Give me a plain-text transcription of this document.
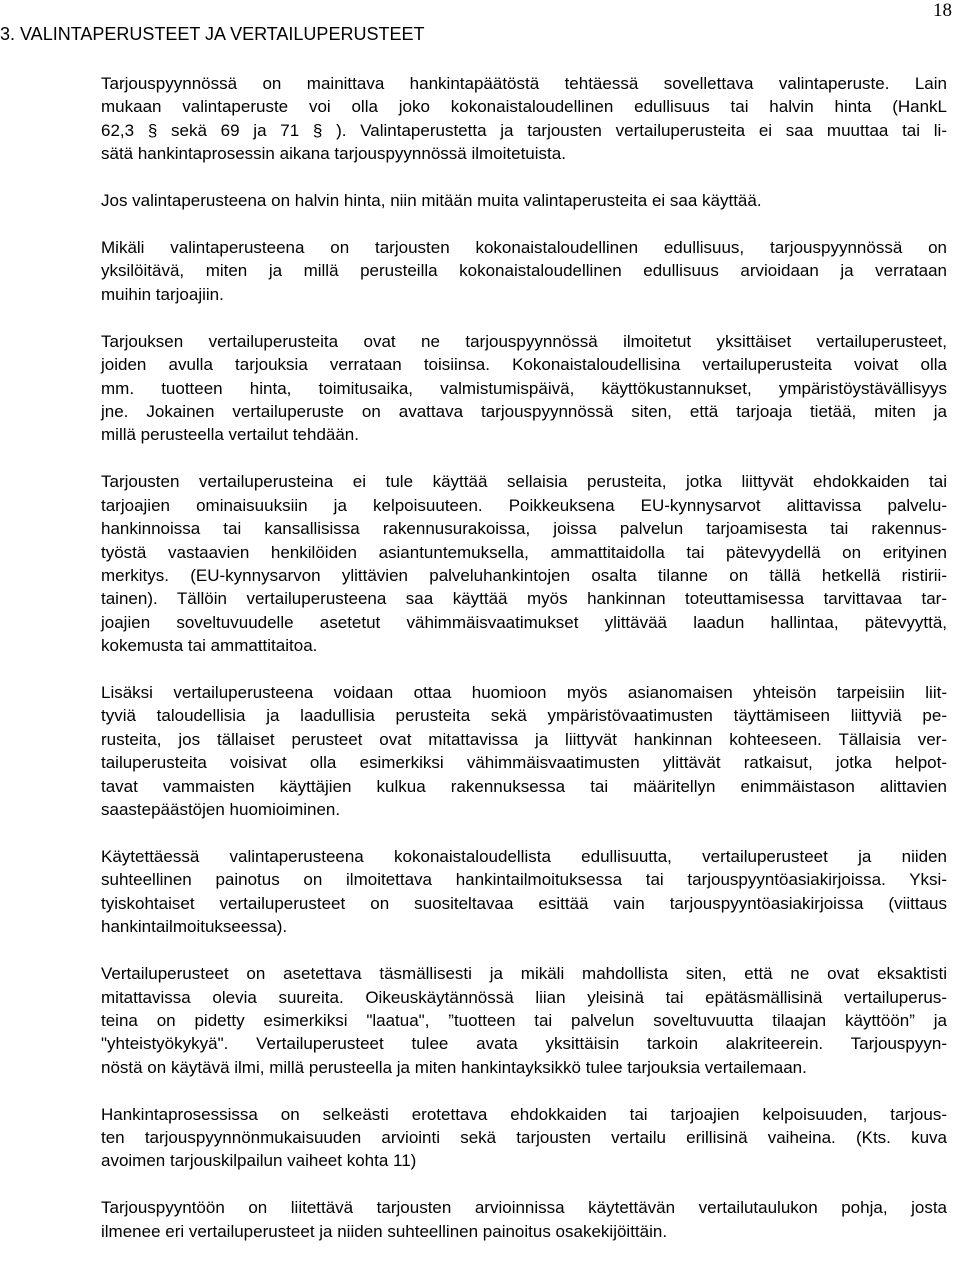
18
3. VALINTAPERUSTEET JA VERTAILUPERUSTEET

Tarjouspyynnössä on mainittava hankintapäätöstä tehtäessä sovellettava valintaperuste. Lain
mukaan valintaperuste voi olla joko kokonaistaloudellinen edullisuus tai halvin hinta (HankL
62,3 § sekä 69 ja 71 § ). Valintaperustetta ja tarjousten vertailuperusteita ei saa muuttaa tai li-
sätä hankintaprosessin aikana tarjouspyynnössä ilmoitetuista.

Jos valintaperusteena on halvin hinta, niin mitään muita valintaperusteita ei saa käyttää.

Mikäli valintaperusteena on tarjousten kokonaistaloudellinen edullisuus, tarjouspyynnössä on
yksilöitävä, miten ja millä perusteilla kokonaistaloudellinen edullisuus arvioidaan ja verrataan
muihin tarjoajiin.

Tarjouksen vertailuperusteita ovat ne tarjouspyynnössä ilmoitetut yksittäiset vertailuperusteet,
joiden avulla tarjouksia verrataan toisiinsa. Kokonaistaloudellisina vertailuperusteita voivat olla
mm. tuotteen hinta, toimitusaika, valmistumispäivä, käyttökustannukset, ympäristöystävällisyys
jne. Jokainen vertailuperuste on avattava tarjouspyynnössä siten, että tarjoaja tietää, miten ja
millä perusteella vertailut tehdään.

Tarjousten vertailuperusteina ei tule käyttää sellaisia perusteita, jotka liittyvät ehdokkaiden tai
tarjoajien ominaisuuksiin ja kelpoisuuteen. Poikkeuksena EU-kynnysarvot alittavissa palvelu-
hankinnoissa tai kansallisissa rakennusurakoissa, joissa palvelun tarjoamisesta tai rakennus-
työstä vastaavien henkilöiden asiantuntemuksella, ammattitaidolla tai pätevyydellä on erityinen
merkitys. (EU-kynnysarvon ylittävien palveluhankintojen osalta tilanne on tällä hetkellä ristirii-
tainen). Tällöin vertailuperusteena saa käyttää myös hankinnan toteuttamisessa tarvittavaa tar-
joajien soveltuvuudelle asetetut vähimmäisvaatimukset ylittävää laadun hallintaa, pätevyyttä,
kokemusta tai ammattitaitoa.

Lisäksi vertailuperusteena voidaan ottaa huomioon myös asianomaisen yhteisön tarpeisiin liit-
tyviä taloudellisia ja laadullisia perusteita sekä ympäristövaatimusten täyttämiseen liittyviä pe-
rusteita, jos tällaiset perusteet ovat mitattavissa ja liittyvät hankinnan kohteeseen. Tällaisia ver-
tailuperusteita voisivat olla esimerkiksi vähimmäisvaatimusten ylittävät ratkaisut, jotka helpot-
tavat vammaisten käyttäjien kulkua rakennuksessa tai määritellyn enimmäistason alittavien
saastepäästöjen huomioiminen.

Käytettäessä valintaperusteena kokonaistaloudellista edullisuutta, vertailuperusteet ja niiden
suhteellinen painotus on ilmoitettava hankintailmoituksessa tai tarjouspyyntöasiakirjoissa. Yksi-
tyiskohtaiset vertailuperusteet on suositeltavaa esittää vain tarjouspyyntöasiakirjoissa (viittaus
hankintailmoitukseessa).

Vertailuperusteet on asetettava täsmällisesti ja mikäli mahdollista siten, että ne ovat eksaktisti
mitattavissa olevia suureita. Oikeuskäytännössä liian yleisinä tai epätäsmällisinä vertailuperus-
teina on pidetty esimerkiksi "laatua", ”tuotteen tai palvelun soveltuvuutta tilaajan käyttöön” ja
"yhteistyökykyä". Vertailuperusteet tulee avata yksittäisin tarkoin alakriteerein. Tarjouspyyn-
nöstä on käytävä ilmi, millä perusteella ja miten hankintayksikkö tulee tarjouksia vertailemaan.

Hankintaprosessissa on selkeästi erotettava ehdokkaiden tai tarjoajien kelpoisuuden, tarjous-
ten tarjouspyynnönmukaisuuden arviointi sekä tarjousten vertailu erillisinä vaiheina. (Kts. kuva
avoimen tarjouskilpailun vaiheet kohta 11)

Tarjouspyyntöön on liitettävä tarjousten arvioinnissa käytettävän vertailutaulukon pohja, josta
ilmenee eri vertailuperusteet ja niiden suhteellinen painoitus osakekijöittäin.
